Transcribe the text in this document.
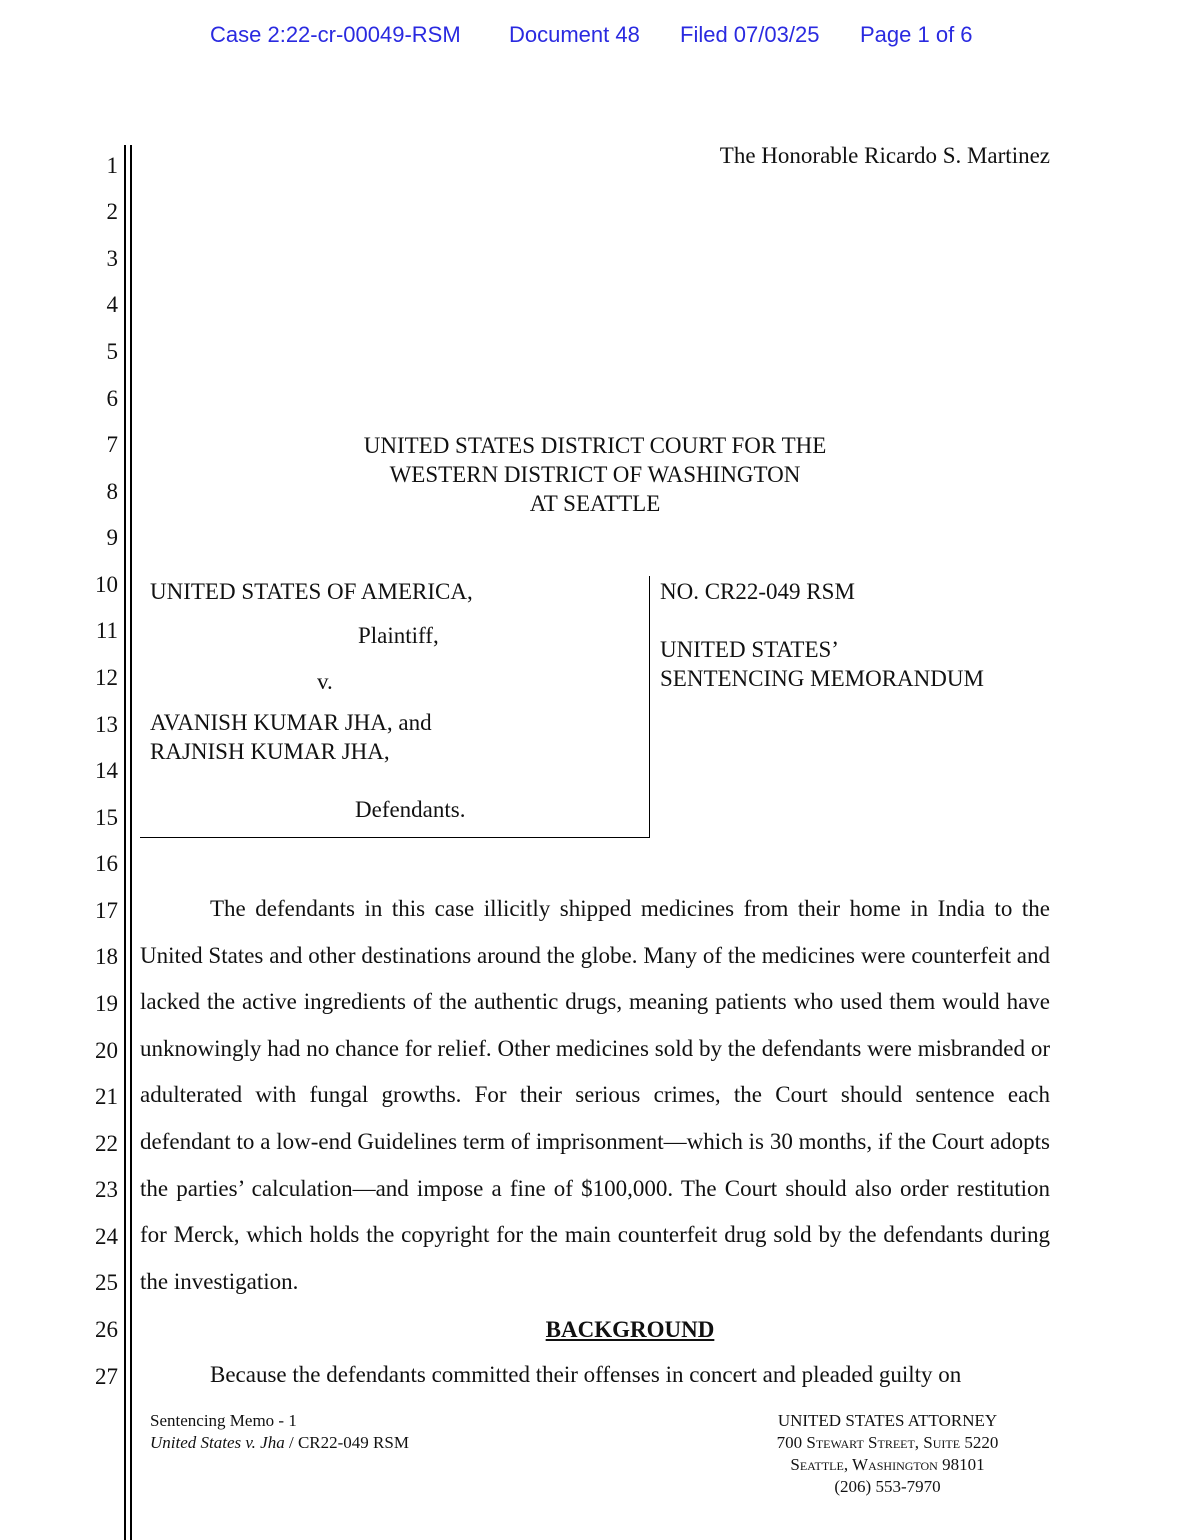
Case 2:22-cr-00049-RSM Document 48 Filed 07/03/25 Page 1 of 6
1
2
3
4
5
6
7
8
9
10
11
12
13
14
15
16
17
18
19
20
21
22
23
24
25
26
27
The Honorable Ricardo S. Martinez
UNITED STATES DISTRICT COURT FOR THE
WESTERN DISTRICT OF WASHINGTON
AT SEATTLE
UNITED STATES OF AMERICA,
Plaintiff,
v.
AVANISH KUMAR JHA, and
RAJNISH KUMAR JHA,
Defendants.
NO. CR22-049 RSM
UNITED STATES’
SENTENCING MEMORANDUM
The defendants in this case illicitly shipped medicines from their home in India to the United States and other destinations around the globe. Many of the medicines were counterfeit and lacked the active ingredients of the authentic drugs, meaning patients who used them would have unknowingly had no chance for relief. Other medicines sold by the defendants were misbranded or adulterated with fungal growths. For their serious crimes, the Court should sentence each defendant to a low-end Guidelines term of imprisonment—which is 30 months, if the Court adopts the parties’ calculation—and impose a fine of $100,000. The Court should also order restitution for Merck, which holds the copyright for the main counterfeit drug sold by the defendants during the investigation.
BACKGROUND
Because the defendants committed their offenses in concert and pleaded guilty on
Sentencing Memo - 1
United States v. Jha / CR22-049 RSM
UNITED STATES ATTORNEY
700 Stewart Street, Suite 5220
Seattle, Washington 98101
(206) 553-7970
